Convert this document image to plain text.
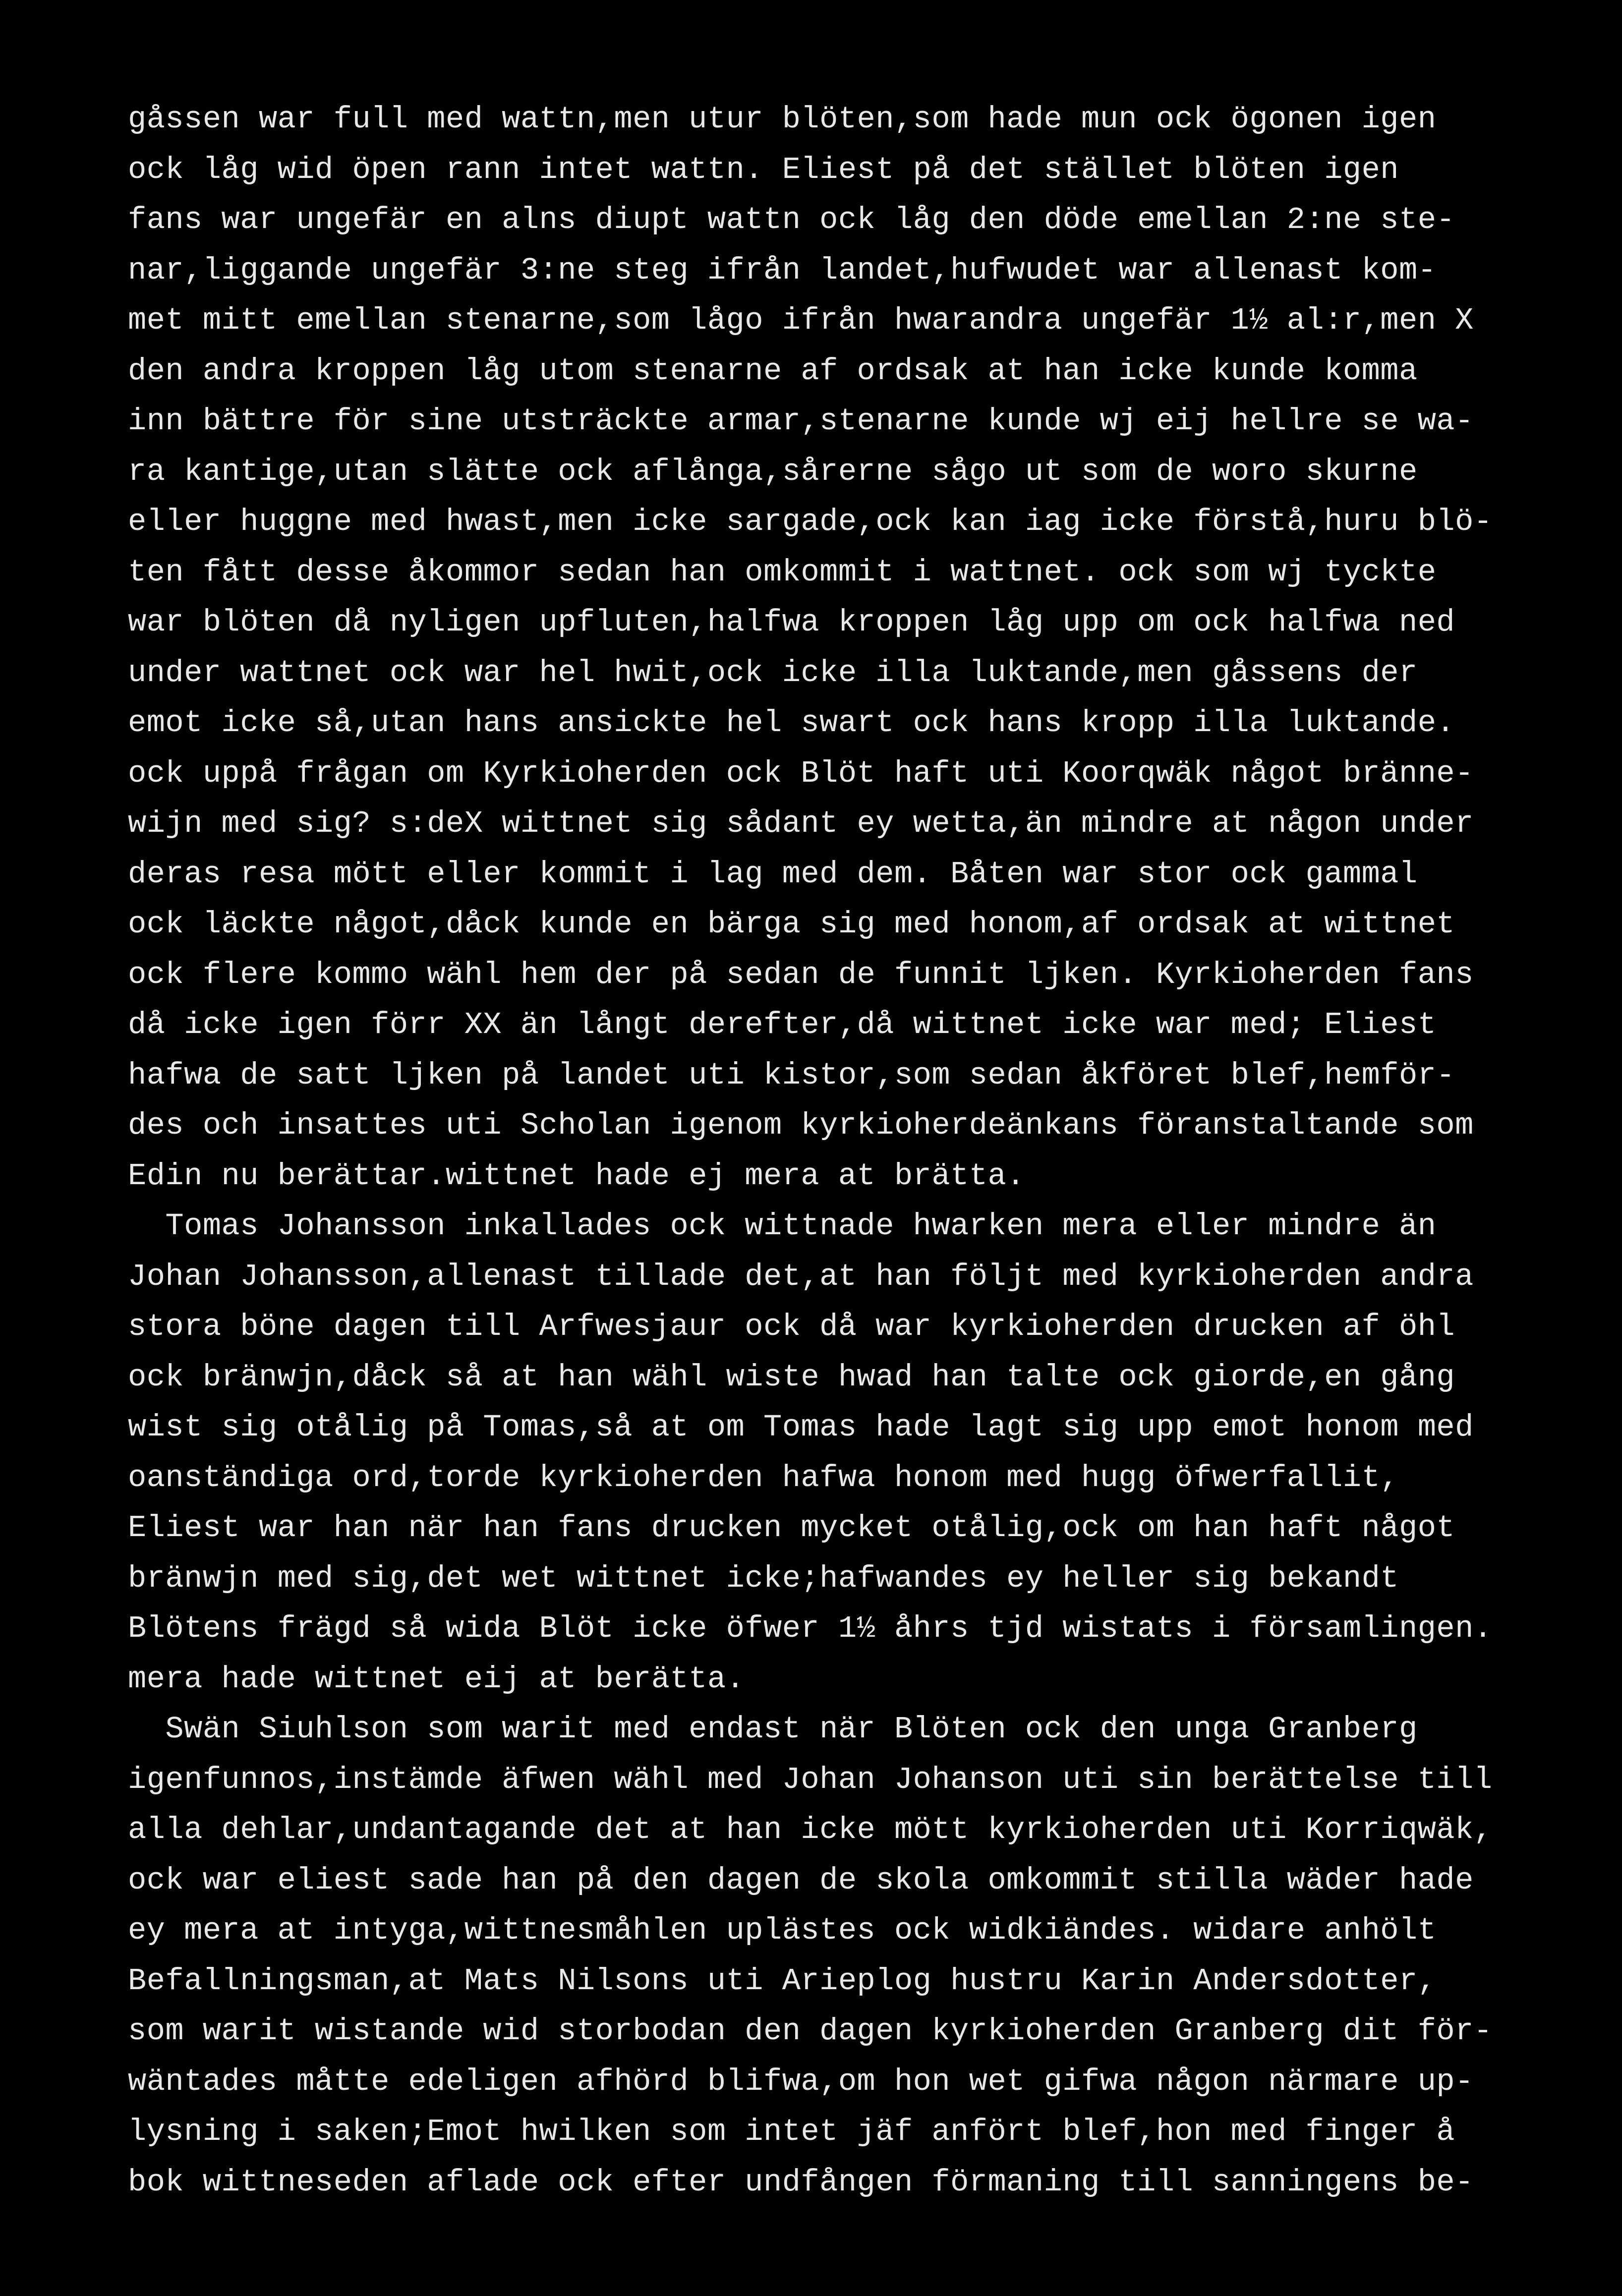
gåssen war full med wattn,men utur blöten,som hade mun ock ögonen igen
ock låg wid öpen rann intet wattn. Eliest på det stället blöten igen
fans war ungefär en alns diupt wattn ock låg den döde emellan 2:ne ste-
nar,liggande ungefär 3:ne steg ifrån landet,hufwudet war allenast kom-
met mitt emellan stenarne,som lågo ifrån hwarandra ungefär 1½ al:r,men X
den andra kroppen låg utom stenarne af ordsak at han icke kunde komma
inn bättre för sine utsträckte armar,stenarne kunde wj eij hellre se wa-
ra kantige,utan slätte ock aflånga,sårerne sågo ut som de woro skurne
eller huggne med hwast,men icke sargade,ock kan iag icke förstå,huru blö-
ten fått desse åkommor sedan han omkommit i wattnet. ock som wj tyckte
war blöten då nyligen upfluten,halfwa kroppen låg upp om ock halfwa ned
under wattnet ock war hel hwit,ock icke illa luktande,men gåssens der
emot icke så,utan hans ansickte hel swart ock hans kropp illa luktande.
ock uppå frågan om Kyrkioherden ock Blöt haft uti Koorqwäk något bränne-
wijn med sig? s:deX wittnet sig sådant ey wetta,än mindre at någon under
deras resa mött eller kommit i lag med dem. Båten war stor ock gammal
ock läckte något,dåck kunde en bärga sig med honom,af ordsak at wittnet
ock flere kommo wähl hem der på sedan de funnit ljken. Kyrkioherden fans
då icke igen förr XX än långt derefter,då wittnet icke war med; Eliest
hafwa de satt ljken på landet uti kistor,som sedan åkföret blef,hemför-
des och insattes uti Scholan igenom kyrkioherdeänkans föranstaltande som
Edin nu berättar.wittnet hade ej mera at brätta.
Tomas Johansson inkallades ock wittnade hwarken mera eller mindre än
Johan Johansson,allenast tillade det,at han följt med kyrkioherden andra
stora böne dagen till Arfwesjaur ock då war kyrkioherden drucken af öhl
ock bränwjn,dåck så at han wähl wiste hwad han talte ock giorde,en gång
wist sig otålig på Tomas,så at om Tomas hade lagt sig upp emot honom med
oanständiga ord,torde kyrkioherden hafwa honom med hugg öfwerfallit,
Eliest war han när han fans drucken mycket otålig,ock om han haft något
bränwjn med sig,det wet wittnet icke;hafwandes ey heller sig bekandt
Blötens frägd så wida Blöt icke öfwer 1½ åhrs tjd wistats i församlingen.
mera hade wittnet eij at berätta.
Swän Siuhlson som warit med endast när Blöten ock den unga Granberg
igenfunnos,instämde äfwen wähl med Johan Johanson uti sin berättelse till
alla dehlar,undantagande det at han icke mött kyrkioherden uti Korriqwäk,
ock war eliest sade han på den dagen de skola omkommit stilla wäder hade
ey mera at intyga,wittnesmåhlen uplästes ock widkiändes. widare anhölt
Befallningsman,at Mats Nilsons uti Arieplog hustru Karin Andersdotter,
som warit wistande wid storbodan den dagen kyrkioherden Granberg dit för-
wäntades måtte edeligen afhörd blifwa,om hon wet gifwa någon närmare up-
lysning i saken;Emot hwilken som intet jäf anfört blef,hon med finger å
bok wittneseden aflade ock efter undfången förmaning till sanningens be-
